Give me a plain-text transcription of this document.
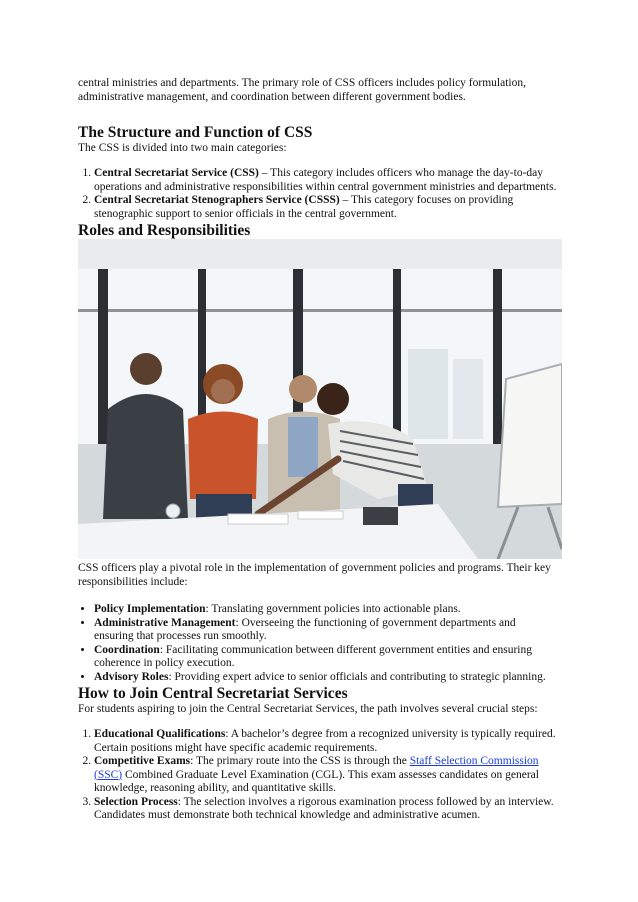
central ministries and departments. The primary role of CSS officers includes policy formulation, administrative management, and coordination between different government bodies.

The Structure and Function of CSS

The CSS is divided into two main categories:

1. Central Secretariat Service (CSS) – This category includes officers who manage the day-to-day operations and administrative responsibilities within central government ministries and departments.
2. Central Secretariat Stenographers Service (CSSS) – This category focuses on providing stenographic support to senior officials in the central government.
Roles and Responsibilities

CSS officers play a pivotal role in the implementation of government policies and programs. Their key responsibilities include:

• Policy Implementation: Translating government policies into actionable plans.
• Administrative Management: Overseeing the functioning of government departments and ensuring that processes run smoothly.
• Coordination: Facilitating communication between different government entities and ensuring coherence in policy execution.
• Advisory Roles: Providing expert advice to senior officials and contributing to strategic planning.
How to Join Central Secretariat Services

For students aspiring to join the Central Secretariat Services, the path involves several crucial steps:

1. Educational Qualifications: A bachelor’s degree from a recognized university is typically required. Certain positions might have specific academic requirements.
2. Competitive Exams: The primary route into the CSS is through the Staff Selection Commission (SSC) Combined Graduate Level Examination (CGL). This exam assesses candidates on general knowledge, reasoning ability, and quantitative skills.
3. Selection Process: The selection involves a rigorous examination process followed by an interview. Candidates must demonstrate both technical knowledge and administrative acumen.
